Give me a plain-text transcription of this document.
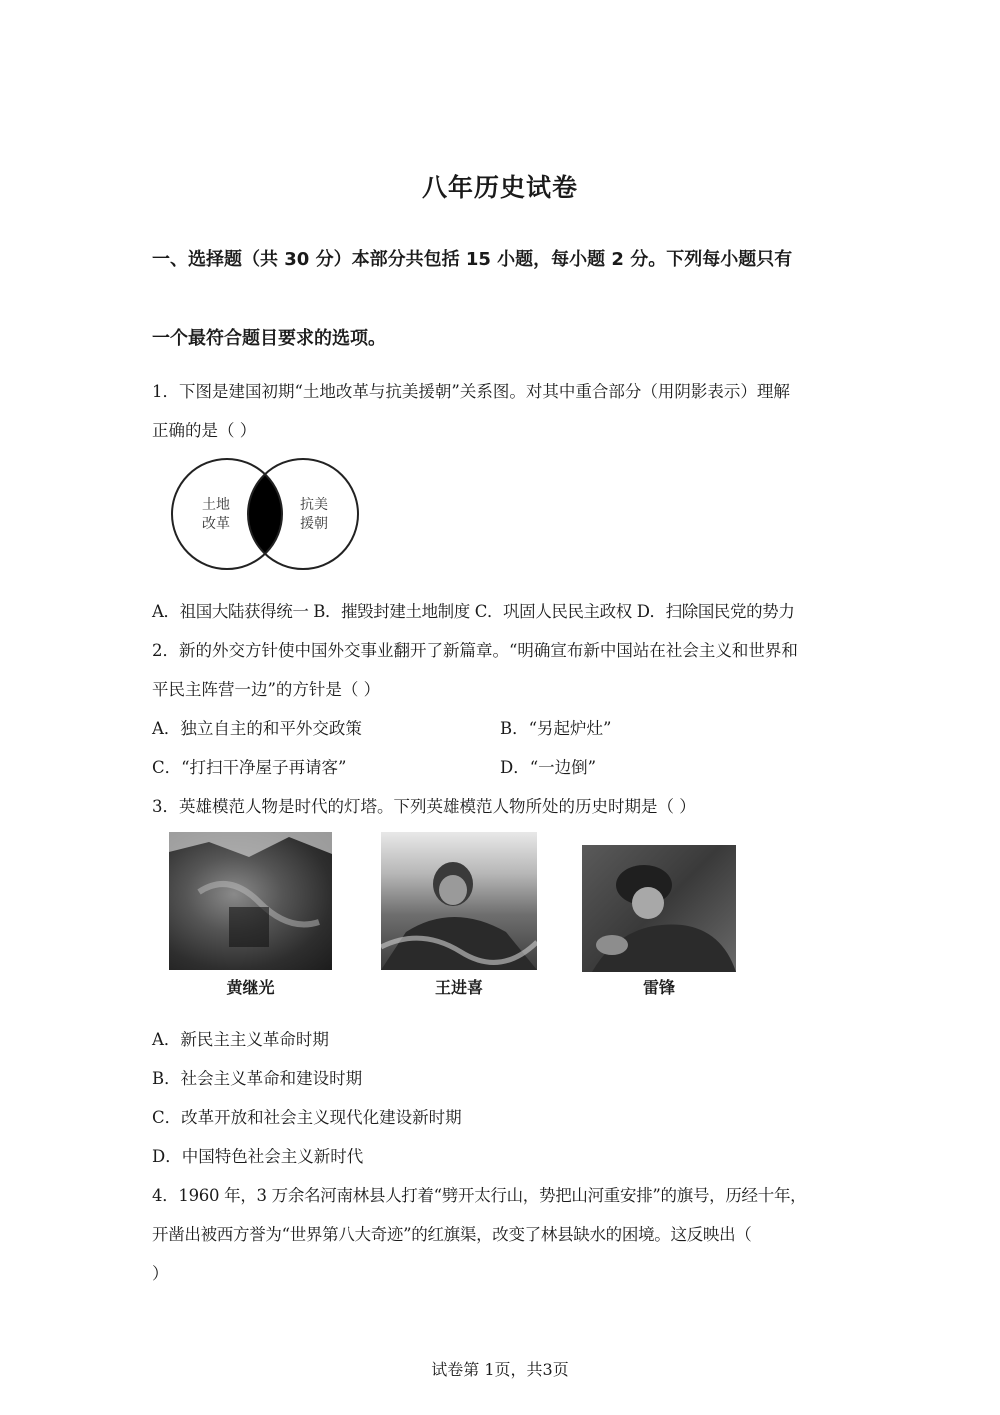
八年历史试卷
一、选择题（共 30 分）本部分共包括 15 小题，每小题 2 分。下列每小题只有
一个最符合题目要求的选项。
1．下图是建国初期“土地改革与抗美援朝”关系图。对其中重合部分（用阴影表示）理解
正确的是（ ）
土地
改革
抗美
援朝
A．祖国大陆获得统一 B．摧毁封建土地制度 C．巩固人民民主政权 D．扫除国民党的势力
2．新的外交方针使中国外交事业翻开了新篇章。“明确宣布新中国站在社会主义和世界和
平民主阵营一边”的方针是（ ）
A．独立自主的和平外交政策	B．“另起炉灶”
C．“打扫干净屋子再请客”	D．“一边倒”
3．英雄模范人物是时代的灯塔。下列英雄模范人物所处的历史时期是（ ）
黄继光	王进喜	雷锋
A．新民主主义革命时期
B．社会主义革命和建设时期
C．改革开放和社会主义现代化建设新时期
D．中国特色社会主义新时代
4．1960 年，3 万余名河南林县人打着“劈开太行山，势把山河重安排”的旗号，历经十年，
开凿出被西方誉为“世界第八大奇迹”的红旗渠，改变了林县缺水的困境。这反映出（
）
试卷第 1页，共3页
